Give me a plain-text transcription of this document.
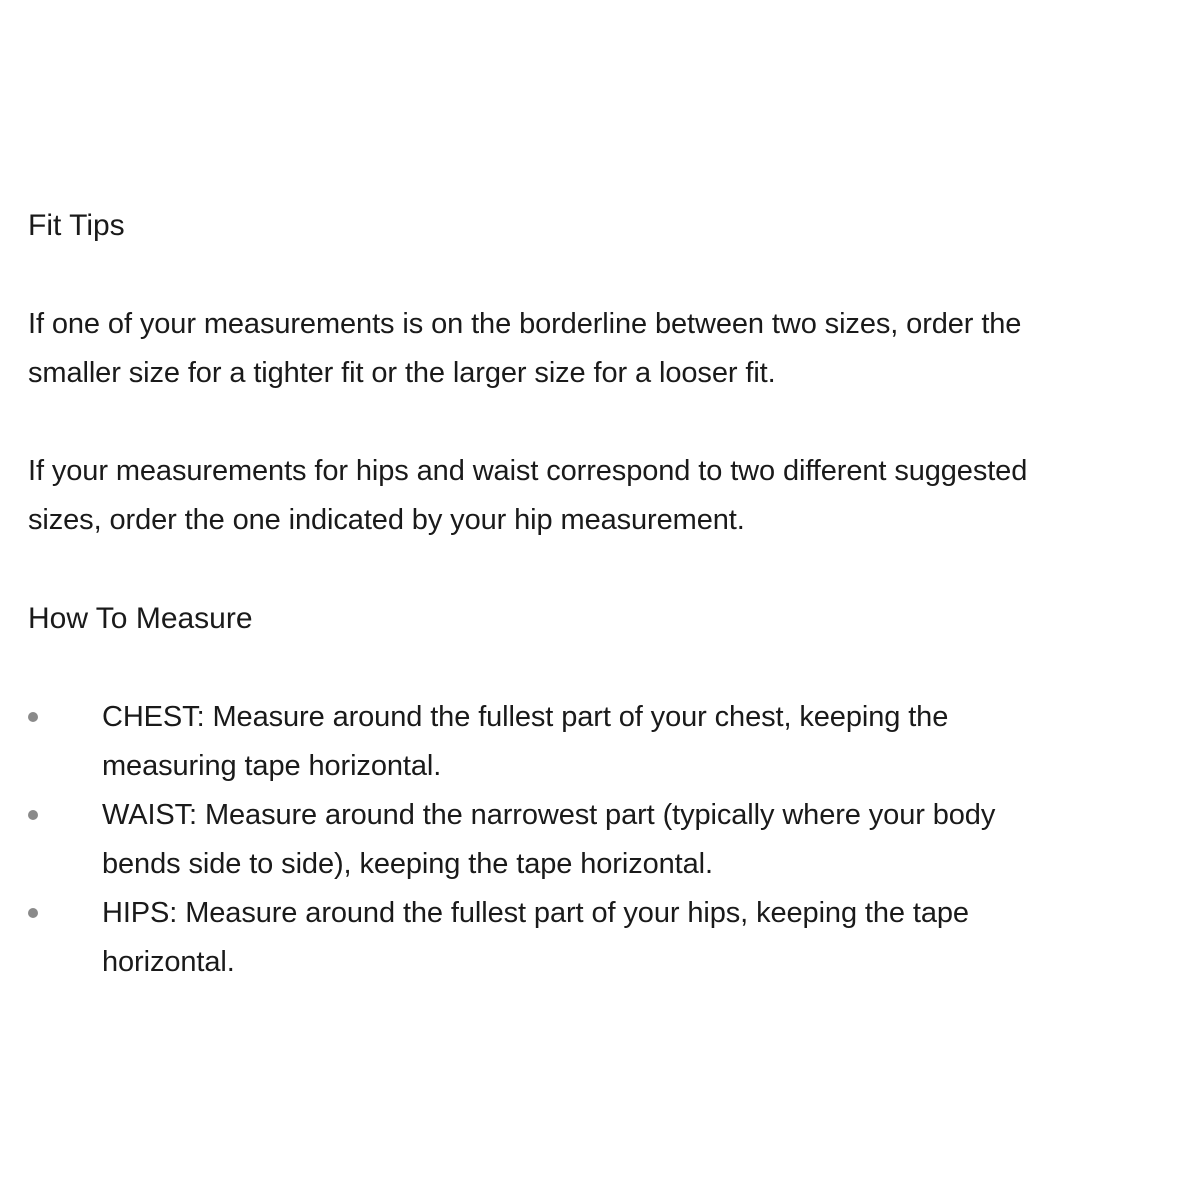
Fit Tips

If one of your measurements is on the borderline between two sizes, order the
smaller size for a tighter fit or the larger size for a looser fit.

If your measurements for hips and waist correspond to two different suggested
sizes, order the one indicated by your hip measurement.

How To Measure
CHEST: Measure around the fullest part of your chest, keeping the
measuring tape horizontal.
WAIST: Measure around the narrowest part (typically where your body
bends side to side), keeping the tape horizontal.
HIPS: Measure around the fullest part of your hips, keeping the tape
horizontal.
